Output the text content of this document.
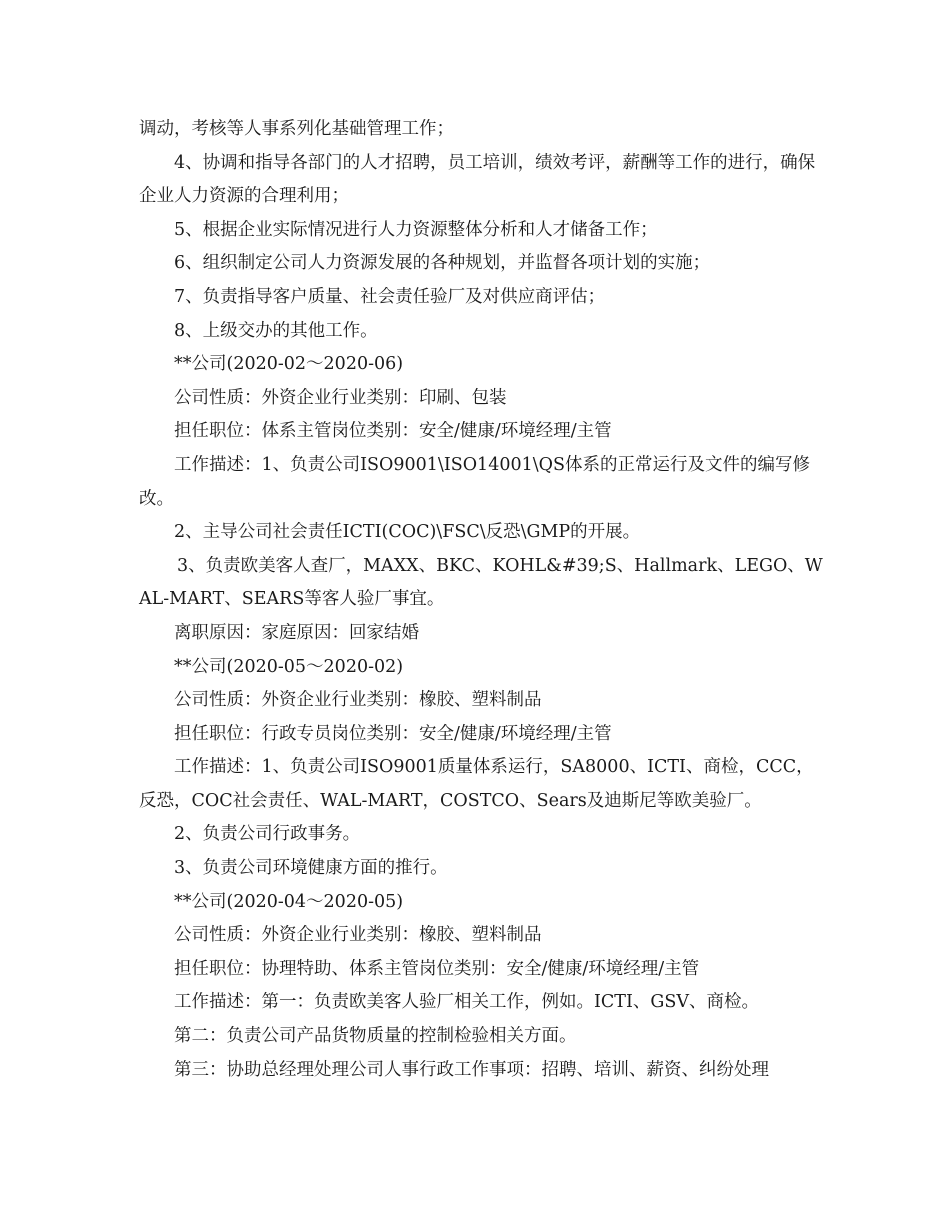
调动，考核等人事系列化基础管理工作；

4、协调和指导各部门的人才招聘，员工培训，绩效考评，薪酬等工作的进行，确保企业人力资源的合理利用；

5、根据企业实际情况进行人力资源整体分析和人才储备工作；

6、组织制定公司人力资源发展的各种规划，并监督各项计划的实施；

7、负责指导客户质量、社会责任验厂及对供应商评估；

8、上级交办的其他工作。

**公司(2020-02～2020-06)

公司性质：外资企业行业类别：印刷、包装

担任职位：体系主管岗位类别：安全/健康/环境经理/主管

工作描述：1、负责公司ISO9001\ISO14001\QS体系的正常运行及文件的编写修改。

2、主导公司社会责任ICTI(COC)\FSC\反恐\GMP的开展。

3、负责欧美客人查厂，MAXX、BKC、KOHL&#39;S、Hallmark、LEGO、WAL-MART、SEARS等客人验厂事宜。

离职原因：家庭原因：回家结婚

**公司(2020-05～2020-02)

公司性质：外资企业行业类别：橡胶、塑料制品

担任职位：行政专员岗位类别：安全/健康/环境经理/主管

工作描述：1、负责公司ISO9001质量体系运行，SA8000、ICTI、商检，CCC，反恐，COC社会责任、WAL-MART，COSTCO、Sears及迪斯尼等欧美验厂。

2、负责公司行政事务。

3、负责公司环境健康方面的推行。

**公司(2020-04～2020-05)

公司性质：外资企业行业类别：橡胶、塑料制品

担任职位：协理特助、体系主管岗位类别：安全/健康/环境经理/主管

工作描述：第一：负责欧美客人验厂相关工作，例如。ICTI、GSV、商检。

第二：负责公司产品货物质量的控制检验相关方面。

第三：协助总经理处理公司人事行政工作事项：招聘、培训、薪资、纠纷处理
